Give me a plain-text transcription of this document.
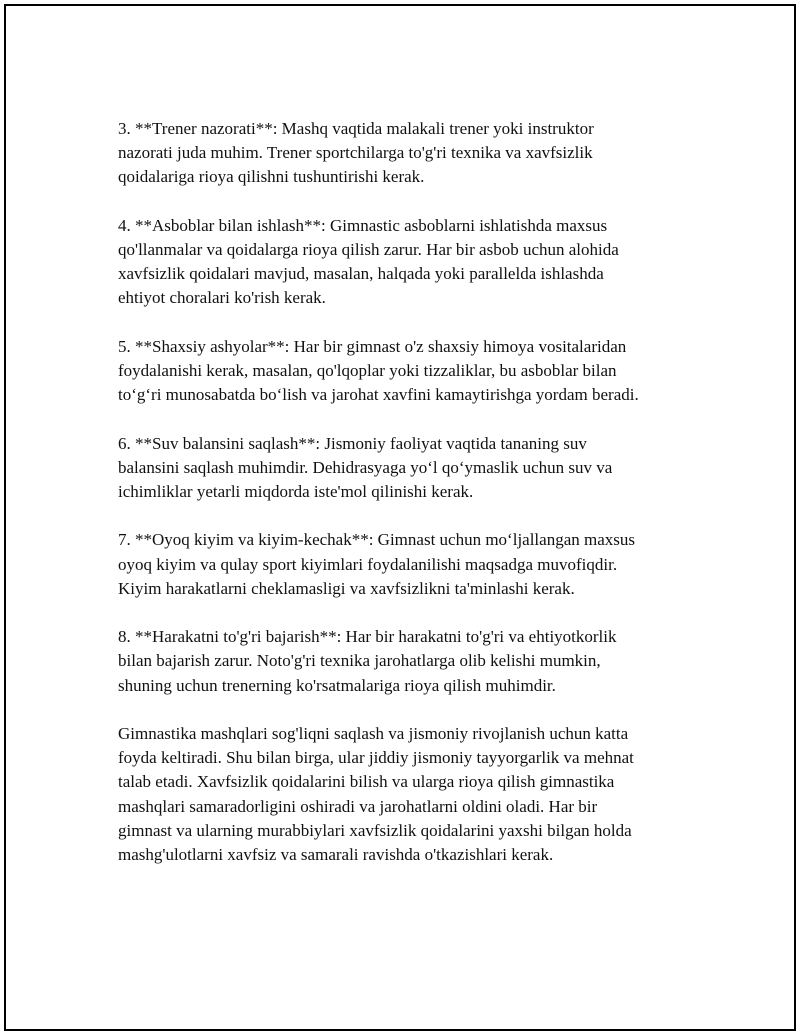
3. **Trener nazorati**: Mashq vaqtida malakali trener yoki instruktor
nazorati juda muhim. Trener sportchilarga to'g'ri texnika va xavfsizlik
qoidalariga rioya qilishni tushuntirishi kerak.

4. **Asboblar bilan ishlash**: Gimnastic asboblarni ishlatishda maxsus
qo'llanmalar va qoidalarga rioya qilish zarur. Har bir asbob uchun alohida
xavfsizlik qoidalari mavjud, masalan, halqada yoki parallelda ishlashda
ehtiyot choralari ko'rish kerak.

5. **Shaxsiy ashyolar**: Har bir gimnast o'z shaxsiy himoya vositalaridan
foydalanishi kerak, masalan, qo'lqoplar yoki tizzaliklar, bu asboblar bilan
to‘g‘ri munosabatda bo‘lish va jarohat xavfini kamaytirishga yordam beradi.

6. **Suv balansini saqlash**: Jismoniy faoliyat vaqtida tananing suv
balansini saqlash muhimdir. Dehidrasyaga yo‘l qo‘ymaslik uchun suv va
ichimliklar yetarli miqdorda iste'mol qilinishi kerak.

7. **Oyoq kiyim va kiyim-kechak**: Gimnast uchun mo‘ljallangan maxsus
oyoq kiyim va qulay sport kiyimlari foydalanilishi maqsadga muvofiqdir.
Kiyim harakatlarni cheklamasligi va xavfsizlikni ta'minlashi kerak.

8. **Harakatni to'g'ri bajarish**: Har bir harakatni to'g'ri va ehtiyotkorlik
bilan bajarish zarur. Noto'g'ri texnika jarohatlarga olib kelishi mumkin,
shuning uchun trenerning ko'rsatmalariga rioya qilish muhimdir.

Gimnastika mashqlari sog'liqni saqlash va jismoniy rivojlanish uchun katta
foyda keltiradi. Shu bilan birga, ular jiddiy jismoniy tayyorgarlik va mehnat
talab etadi. Xavfsizlik qoidalarini bilish va ularga rioya qilish gimnastika
mashqlari samaradorligini oshiradi va jarohatlarni oldini oladi. Har bir
gimnast va ularning murabbiylari xavfsizlik qoidalarini yaxshi bilgan holda
mashg'ulotlarni xavfsiz va samarali ravishda o'tkazishlari kerak.
